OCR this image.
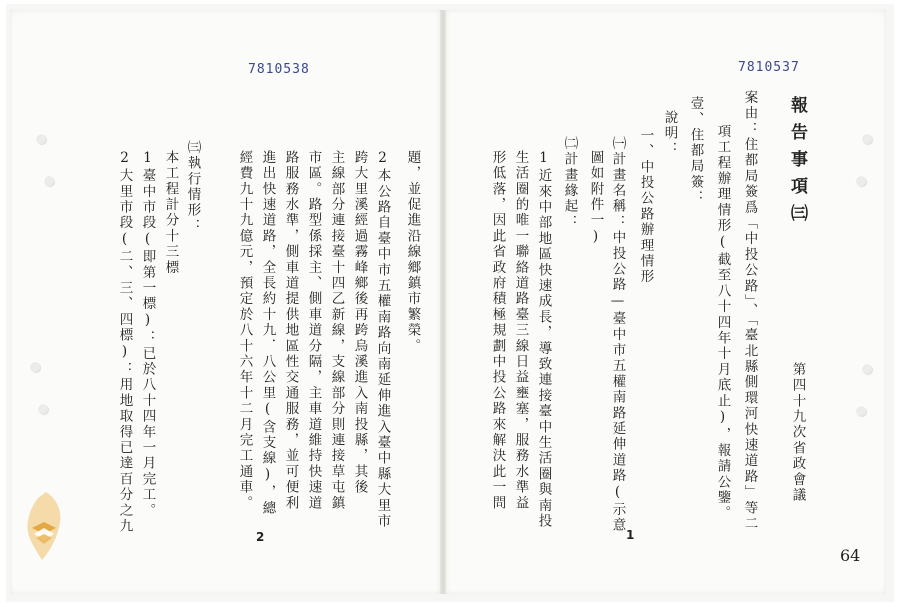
7810538
題，並促進沿線鄉鎮市繁榮。
2本公路自臺中市五權南路向南延伸進入臺中縣大里市
跨大里溪經過霧峰鄉後再跨烏溪進入南投縣，其後
主線部分連接臺十四乙新線，支線部分則連接草屯鎮
市區。路型係採主、側車道分隔，主車道維持快速道
路服務水準，側車道提供地區性交通服務，並可便利
進出快速道路，全長約十九．八公里(含支線)，總
經費九十九億元，預定於八十六年十二月完工通車。
㈢執行情形：
本工程計分十三標
1臺中市段(即第一標)：已於八十四年一月完工。
2大里市段(二、三、四標)：用地取得已達百分之九
2
7810537
報告事項㈢
第四十九次省政會議
案由：住都局簽爲「中投公路」、「臺北縣側環河快速道路」等二
項工程辦理情形(截至八十四年十月底止)，報請公鑒。
壹、住都局簽：
說明：
一、中投公路辦理情形
㈠計畫名稱：中投公路—臺中市五權南路延伸道路(示意
圖如附件一)
㈡計畫緣起：
1近來中部地區快速成長，導致連接臺中生活圈與南投
生活圈的唯一聯絡道路臺三線日益壅塞，服務水準益
形低落，因此省政府積極規劃中投公路來解決此一問
1
64
